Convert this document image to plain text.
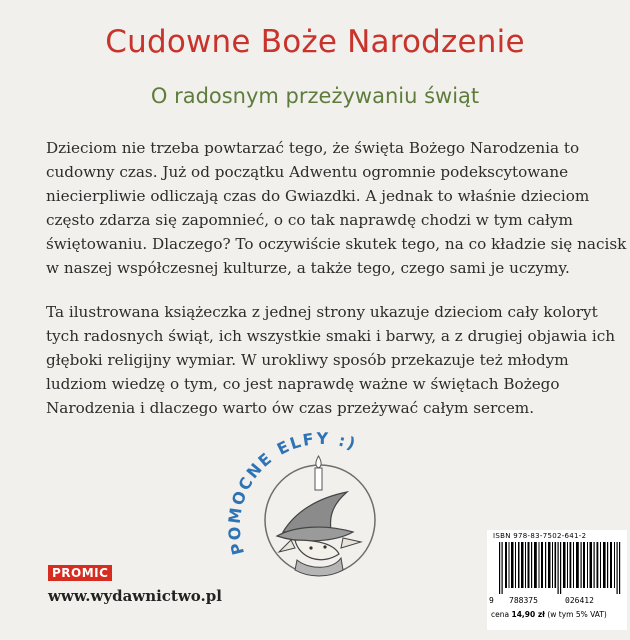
Cudowne Boże Narodzenie
O radosnym przeżywaniu świąt
Dzieciom nie trzeba powtarzać tego, że święta Bożego Narodzenia to
cudowny czas. Już od początku Adwentu ogromnie podekscytowane
niecierpliwie odliczają czas do Gwiazdki. A jednak to właśnie dzieciom
często zdarza się zapomnieć, o co tak naprawdę chodzi w tym całym
świętowaniu. Dlaczego? To oczywiście skutek tego, na co kładzie się nacisk
w naszej współczesnej kulturze, a także tego, czego sami je uczymy.
Ta ilustrowana książeczka z jednej strony ukazuje dzieciom cały koloryt
tych radosnych świąt, ich wszystkie smaki i barwy, a z drugiej objawia ich
głęboki religijny wymiar. W urokliwy sposób przekazuje też młodym
ludziom wiedzę o tym, co jest naprawdę ważne w świętach Bożego
Narodzenia i dlaczego warto ów czas przeżywać całym sercem.
POMOCNE ELFY :)
PROMIC
www.wydawnictwo.pl
ISBN 978-83-7502-641-2
9 788375	026412
cena 14,90 zł (w tym 5% VAT)
